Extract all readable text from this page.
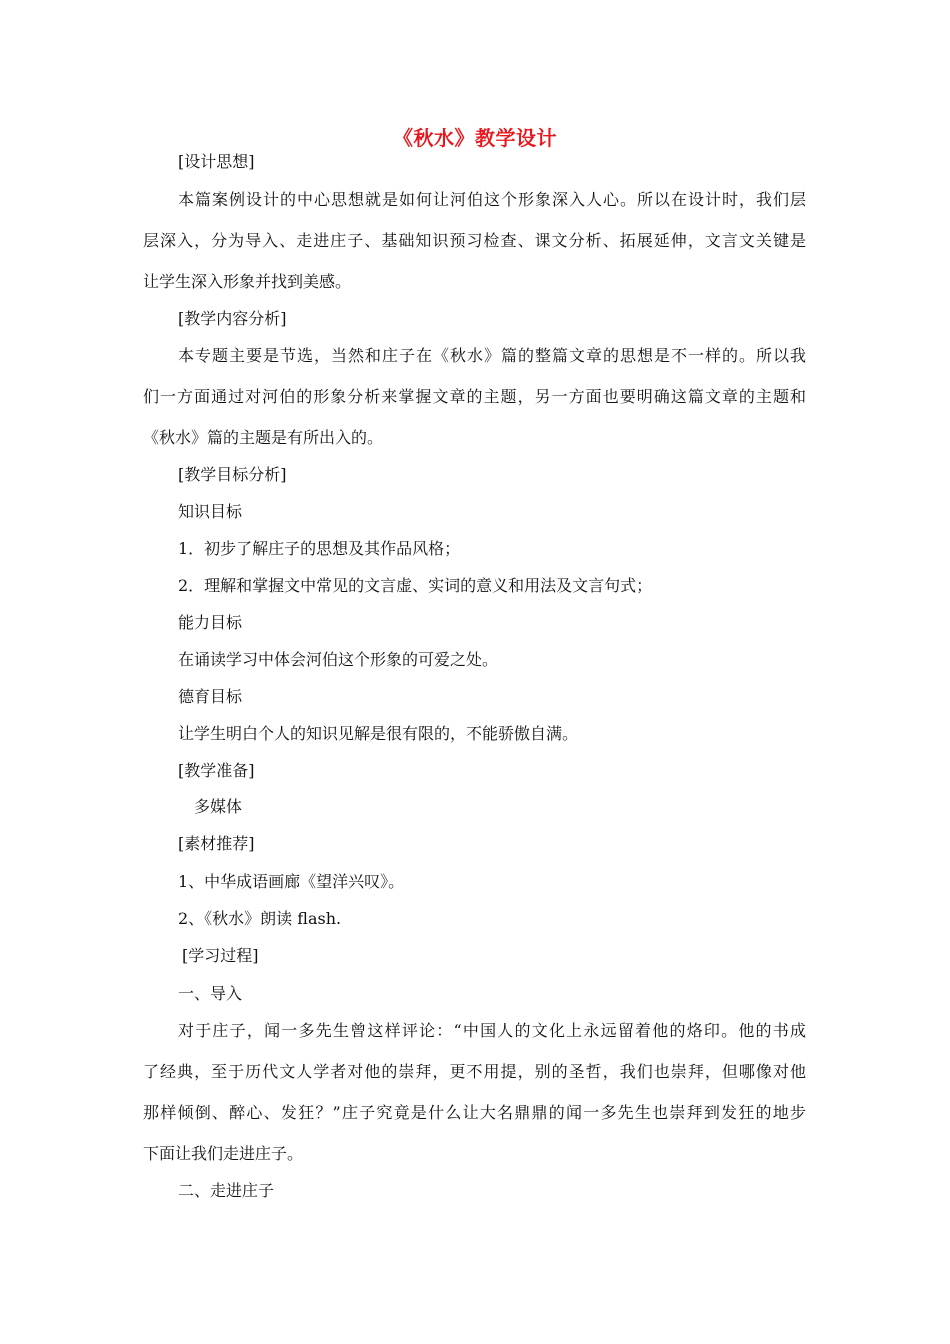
《秋水》教学设计
[设计思想]
本篇案例设计的中心思想就是如何让河伯这个形象深入人心。所以在设计时，我们层
层深入，分为导入、走进庄子、基础知识预习检查、课文分析、拓展延伸，文言文关键是
让学生深入形象并找到美感。
[教学内容分析]
本专题主要是节选，当然和庄子在《秋水》篇的整篇文章的思想是不一样的。所以我
们一方面通过对河伯的形象分析来掌握文章的主题，另一方面也要明确这篇文章的主题和
《秋水》篇的主题是有所出入的。
[教学目标分析]
知识目标
1．初步了解庄子的思想及其作品风格；
2．理解和掌握文中常见的文言虚、实词的意义和用法及文言句式；
能力目标
在诵读学习中体会河伯这个形象的可爱之处。
德育目标
让学生明白个人的知识见解是很有限的，不能骄傲自满。
[教学准备]
多媒体
[素材推荐]
1、中华成语画廊《望洋兴叹》。
2、《秋水》朗读 flash.
[学习过程]
一、导入
对于庄子，闻一多先生曾这样评论：“中国人的文化上永远留着他的烙印。他的书成
了经典，至于历代文人学者对他的崇拜，更不用提，别的圣哲，我们也崇拜，但哪像对他
那样倾倒、醉心、发狂？”庄子究竟是什么让大名鼎鼎的闻一多先生也崇拜到发狂的地步
下面让我们走进庄子。
二、走进庄子
